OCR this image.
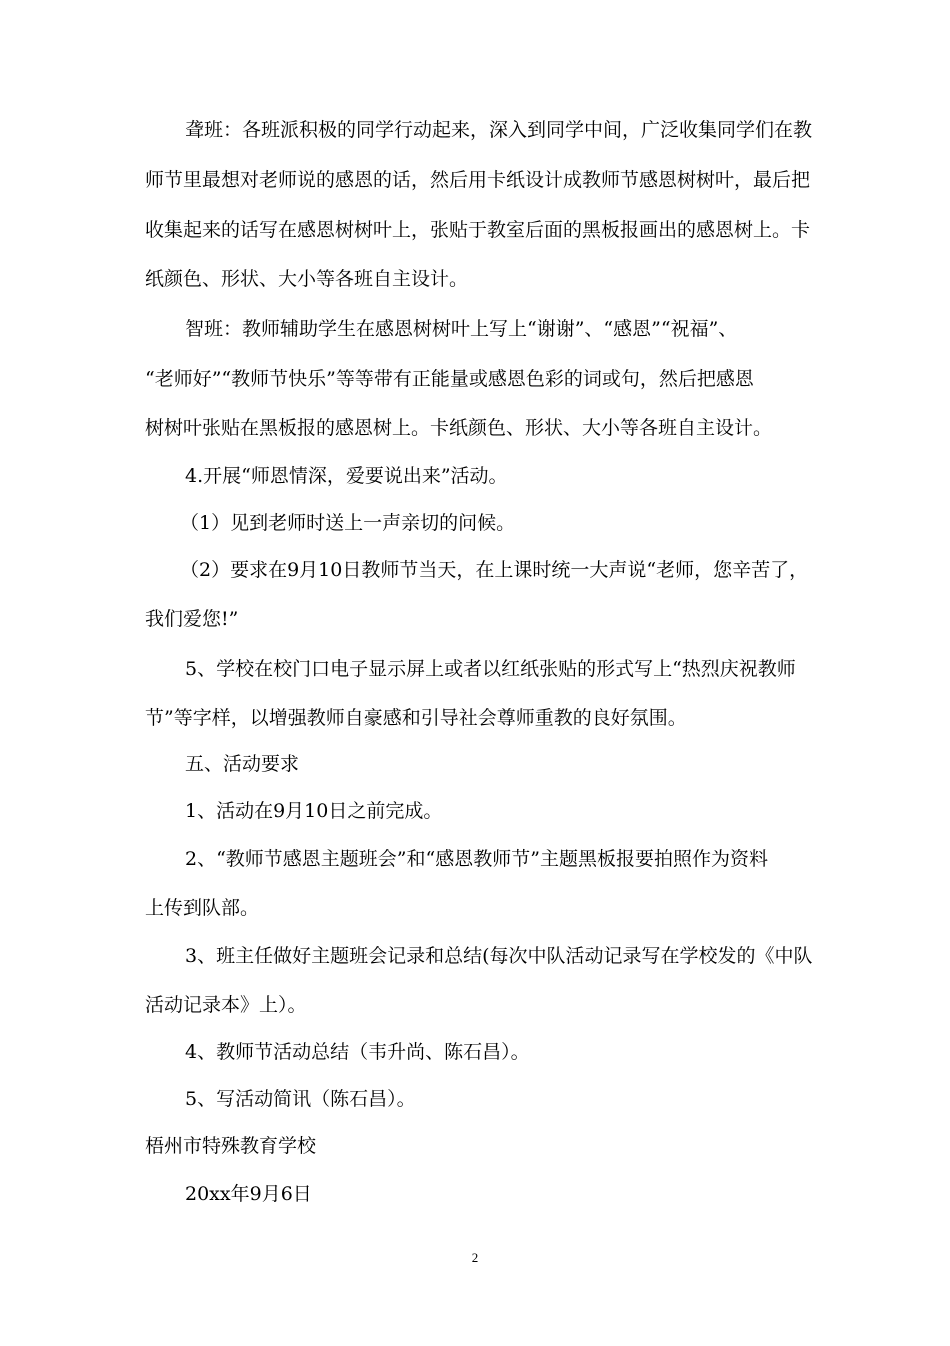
聋班：各班派积极的同学行动起来，深入到同学中间，广泛收集同学们在教
师节里最想对老师说的感恩的话，然后用卡纸设计成教师节感恩树树叶，最后把
收集起来的话写在感恩树树叶上，张贴于教室后面的黑板报画出的感恩树上。卡
纸颜色、形状、大小等各班自主设计。
智班：教师辅助学生在感恩树树叶上写上“谢谢”、“感恩”“祝福”、
“老师好”“教师节快乐”等等带有正能量或感恩色彩的词或句，然后把感恩
树树叶张贴在黑板报的感恩树上。卡纸颜色、形状、大小等各班自主设计。
4.开展“师恩情深，爱要说出来”活动。
（1）见到老师时送上一声亲切的问候。
（2）要求在9月10日教师节当天，在上课时统一大声说“老师，您辛苦了，
我们爱您!”
5、学校在校门口电子显示屏上或者以红纸张贴的形式写上“热烈庆祝教师
节”等字样，以增强教师自豪感和引导社会尊师重教的良好氛围。
五、活动要求
1、活动在9月10日之前完成。
2、“教师节感恩主题班会”和“感恩教师节”主题黑板报要拍照作为资料
上传到队部。
3、班主任做好主题班会记录和总结(每次中队活动记录写在学校发的《中队
活动记录本》上）。
4、教师节活动总结（韦升尚、陈石昌）。
5、写活动简讯（陈石昌）。
梧州市特殊教育学校
20xx年9月6日
2
